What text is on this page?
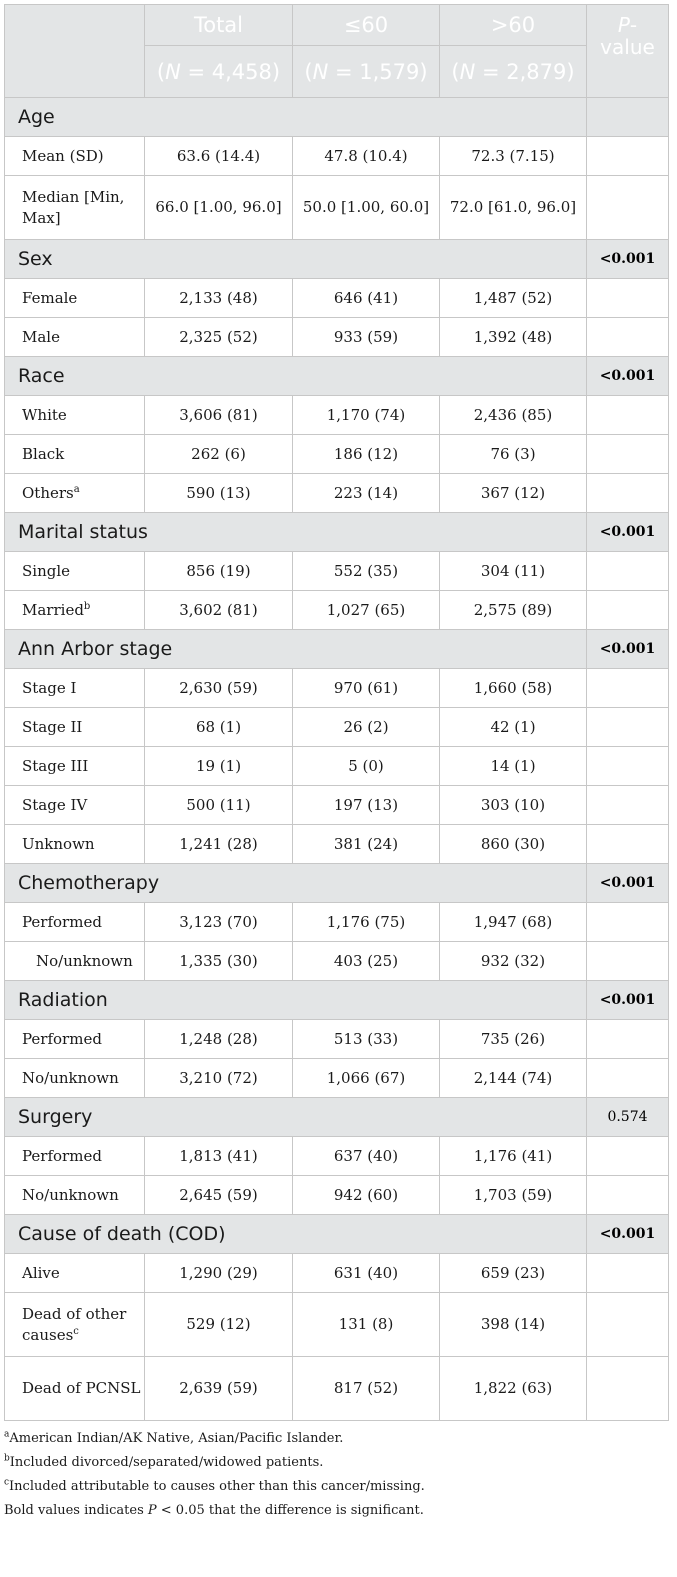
	Total	≤60	>60	P-
value
	(N = 4,458)	(N = 1,579)	(N = 2,879)	
Age				
Mean (SD)	63.6 (14.4)	47.8 (10.4)	72.3 (7.15)	
Median [Min, Max]	66.0 [1.00, 96.0]	50.0 [1.00, 60.0]	72.0 [61.0, 96.0]	
Sex				<0.001
Female	2,133 (48)	646 (41)	1,487 (52)	
Male	2,325 (52)	933 (59)	1,392 (48)	
Race				<0.001
White	3,606 (81)	1,170 (74)	2,436 (85)	
Black	262 (6)	186 (12)	76 (3)	
Others$^a$	590 (13)	223 (14)	367 (12)	
Marital status				<0.001
Single	856 (19)	552 (35)	304 (11)	
Married$^b$	3,602 (81)	1,027 (65)	2,575 (89)	
Ann Arbor stage				<0.001
Stage I	2,630 (59)	970 (61)	1,660 (58)	
Stage II	68 (1)	26 (2)	42 (1)	
Stage III	19 (1)	5 (0)	14 (1)	
Stage IV	500 (11)	197 (13)	303 (10)	
Unknown	1,241 (28)	381 (24)	860 (30)	
Chemotherapy				<0.001
Performed	3,123 (70)	1,176 (75)	1,947 (68)	
No/unknown	1,335 (30)	403 (25)	932 (32)	
Radiation				<0.001
Performed	1,248 (28)	513 (33)	735 (26)	
No/unknown	3,210 (72)	1,066 (67)	2,144 (74)	
Surgery				0.574
Performed	1,813 (41)	637 (40)	1,176 (41)	
No/unknown	2,645 (59)	942 (60)	1,703 (59)	
Cause of death (COD)				<0.001
Alive	1,290 (29)	631 (40)	659 (23)	
Dead of other causes$^c$	529 (12)	131 (8)	398 (14)	
Dead of PCNSL	2,639 (59)	817 (52)	1,822 (63)	
$^a$American Indian/AK Native, Asian/Pacific Islander.
$^b$Included divorced/separated/widowed patients.
$^c$Included attributable to causes other than this cancer/missing.
Bold values indicates P < 0.05 that the difference is significant.
